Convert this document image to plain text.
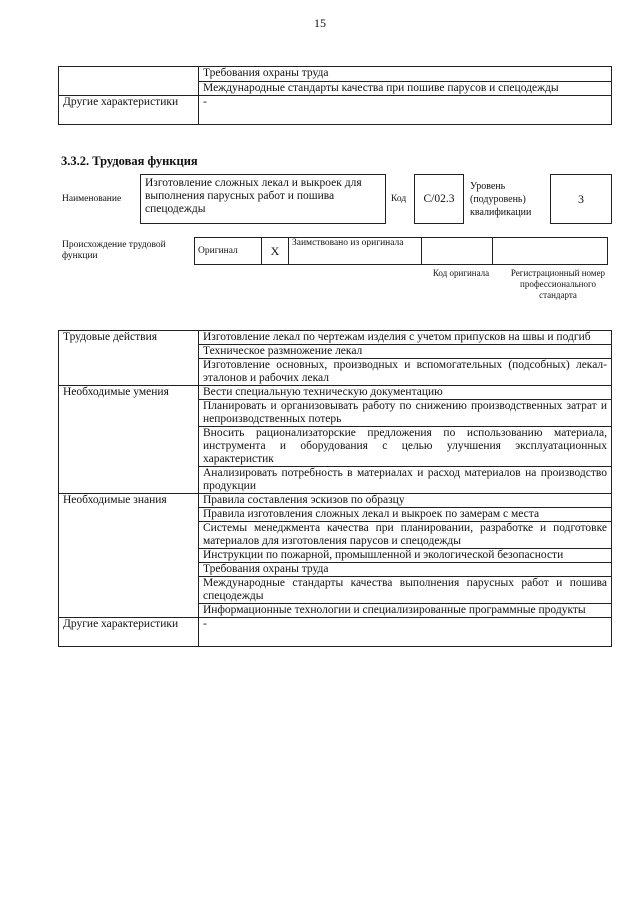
15
	Требования охраны труда
	Международные стандарты качества при пошиве парусов и спецодежды
Другие характеристики	-
3.3.2. Трудовая функция
Наименование
Изготовление сложных лекал и выкроек для выполнения парусных работ и пошива спецодежды
Код	C/02.3
Уровень (подуровень) квалификации
3
Происхождение трудовой функции
Оригинал	X	Заимствовано из оригинала		
Код оригинала	Регистрационный номер профессионального стандарта
Трудовые действия	Изготовление лекал по чертежам изделия с учетом припусков на швы и подгиб
	Техническое размножение лекал
	Изготовление основных, производных и вспомогательных (подсобных) лекал-эталонов и рабочих лекал
Необходимые умения	Вести специальную техническую документацию
	Планировать и организовывать работу по снижению производственных затрат и непроизводственных потерь
	Вносить рационализаторские предложения по использованию материала, инструмента и оборудования с целью улучшения эксплуатационных характеристик
	Анализировать потребность в материалах и расход материалов на производство продукции
Необходимые знания	Правила составления эскизов по образцу
	Правила изготовления сложных лекал и выкроек по замерам с места
	Системы менеджмента качества при планировании, разработке и подготовке материалов для изготовления парусов и спецодежды
	Инструкции по пожарной, промышленной и экологической безопасности
	Требования охраны труда
	Международные стандарты качества выполнения парусных работ и пошива спецодежды
	Информационные технологии и специализированные программные продукты
Другие характеристики	-
